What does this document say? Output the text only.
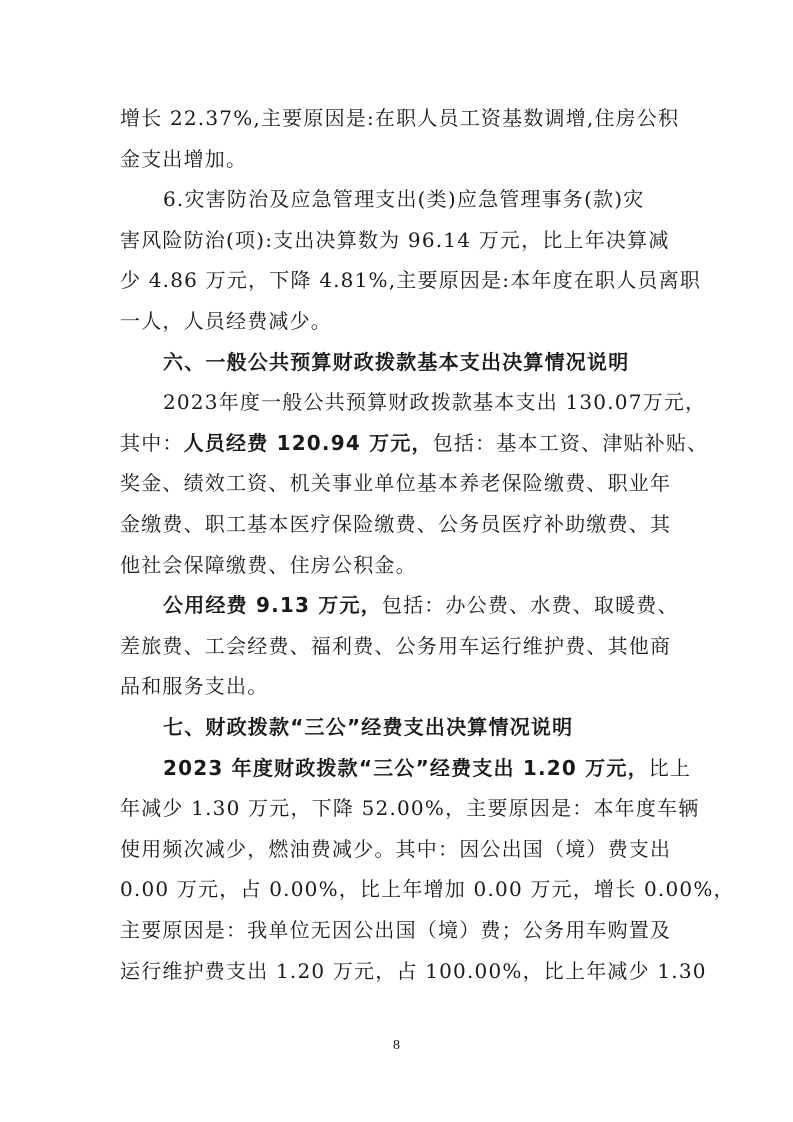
增长 22.37%,主要原因是:在职人员工资基数调增,住房公积
金支出增加。
6.灾害防治及应急管理支出(类)应急管理事务(款)灾
害风险防治(项):支出决算数为 96.14 万元，比上年决算减
少 4.86 万元，下降 4.81%,主要原因是:本年度在职人员离职
一人，人员经费减少。
六、一般公共预算财政拨款基本支出决算情况说明
2023年度一般公共预算财政拨款基本支出 130.07万元，
其中：人员经费 120.94 万元，包括：基本工资、津贴补贴、
奖金、绩效工资、机关事业单位基本养老保险缴费、职业年
金缴费、职工基本医疗保险缴费、公务员医疗补助缴费、其
他社会保障缴费、住房公积金。
公用经费 9.13 万元，包括：办公费、水费、取暖费、
差旅费、工会经费、福利费、公务用车运行维护费、其他商
品和服务支出。
七、财政拨款“三公”经费支出决算情况说明
2023 年度财政拨款“三公”经费支出 1.20 万元，比上
年减少 1.30 万元，下降 52.00%，主要原因是：本年度车辆
使用频次减少，燃油费减少。其中：因公出国（境）费支出
0.00 万元，占 0.00%，比上年增加 0.00 万元，增长 0.00%，
主要原因是：我单位无因公出国（境）费；公务用车购置及
8
运行维护费支出 1.20 万元，占 100.00%，比上年减少 1.30
